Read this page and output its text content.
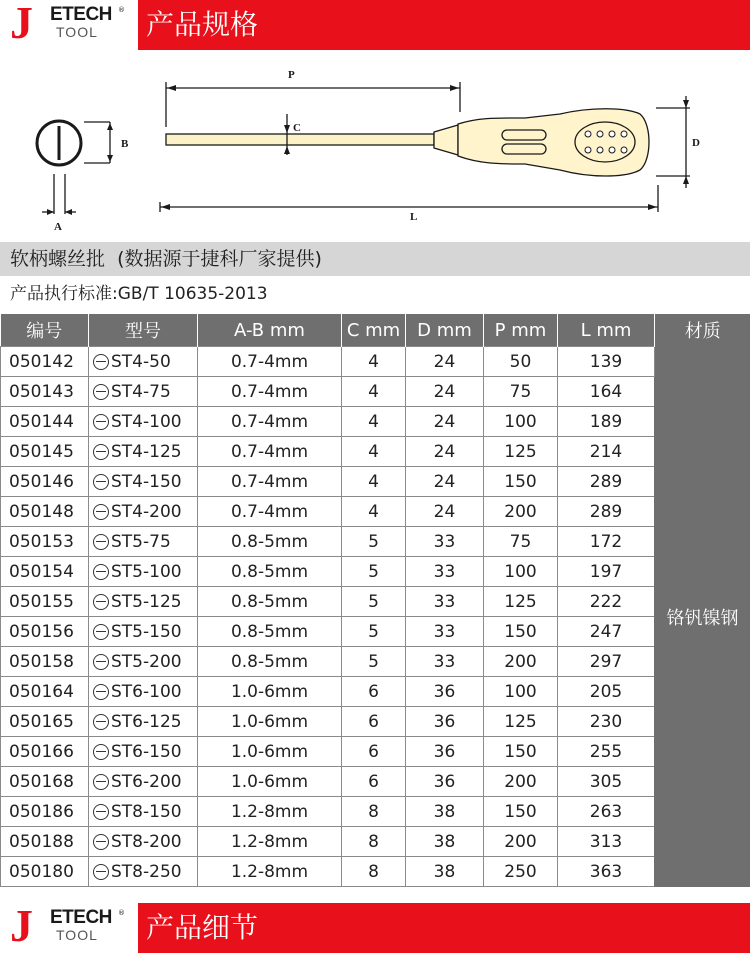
J ETECH ®
TOOL 产品规格
P
C
B
A
D
L
软柄螺丝批 (数据源于捷科厂家提供)
产品执行标准:GB/T 10635-2013
编号	型号	A-B mm	C mm	D mm	P mm	L mm	材质
050142	ST4-50	0.7-4mm	4	24	50	139	铬钒镍钢
050143	ST4-75	0.7-4mm	4	24	75	164	
050144	ST4-100	0.7-4mm	4	24	100	189	
050145	ST4-125	0.7-4mm	4	24	125	214	
050146	ST4-150	0.7-4mm	4	24	150	289	
050148	ST4-200	0.7-4mm	4	24	200	289	
050153	ST5-75	0.8-5mm	5	33	75	172	
050154	ST5-100	0.8-5mm	5	33	100	197	
050155	ST5-125	0.8-5mm	5	33	125	222	
050156	ST5-150	0.8-5mm	5	33	150	247	
050158	ST5-200	0.8-5mm	5	33	200	297	
050164	ST6-100	1.0-6mm	6	36	100	205	
050165	ST6-125	1.0-6mm	6	36	125	230	
050166	ST6-150	1.0-6mm	6	36	150	255	
050168	ST6-200	1.0-6mm	6	36	200	305	
050186	ST8-150	1.2-8mm	8	38	150	263	
050188	ST8-200	1.2-8mm	8	38	200	313	
050180	ST8-250	1.2-8mm	8	38	250	363	
J ETECH ®
TOOL 产品细节
